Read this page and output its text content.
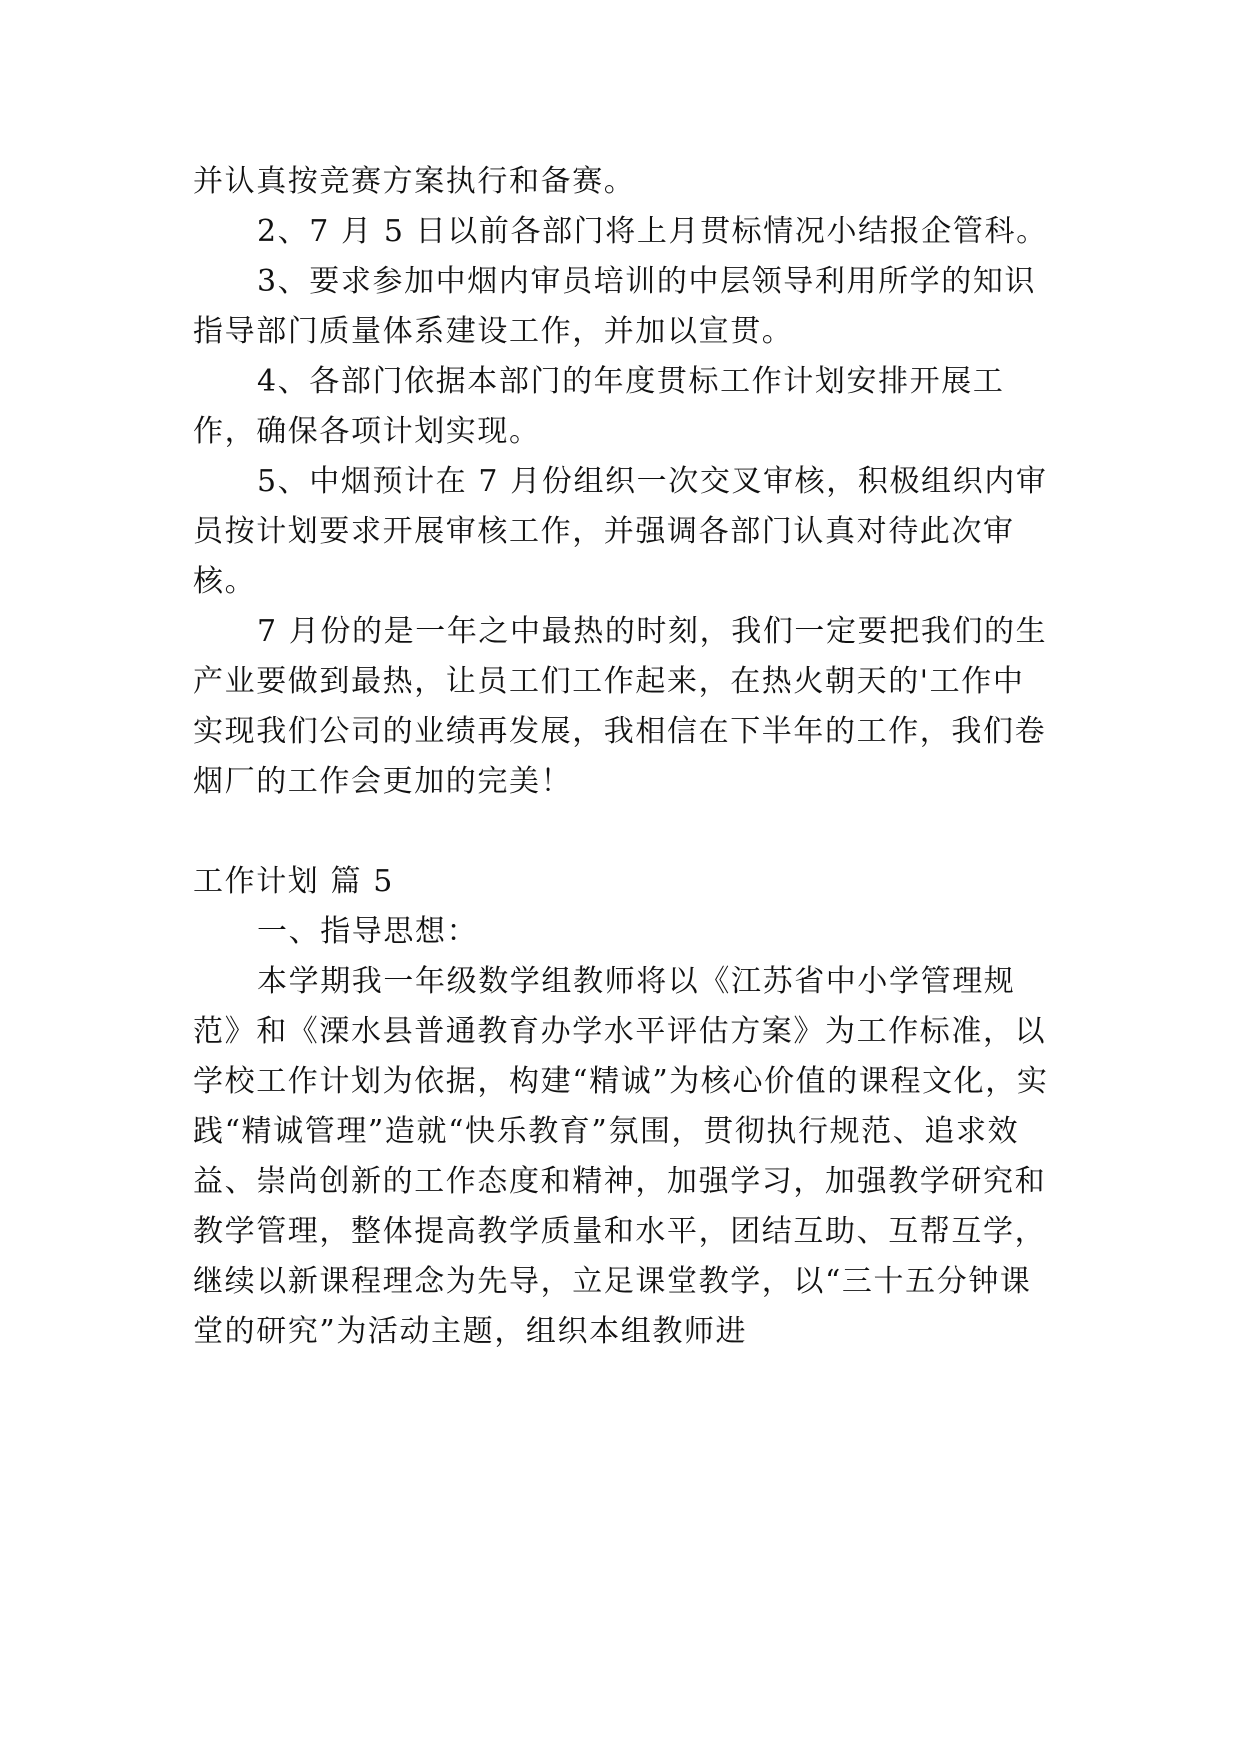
并认真按竞赛方案执行和备赛。

2、7 月 5 日以前各部门将上月贯标情况小结报企管科。

3、要求参加中烟内审员培训的中层领导利用所学的知识指导部门质量体系建设工作，并加以宣贯。

4、各部门依据本部门的年度贯标工作计划安排开展工作，确保各项计划实现。

5、中烟预计在 7 月份组织一次交叉审核，积极组织内审员按计划要求开展审核工作，并强调各部门认真对待此次审核。

7 月份的是一年之中最热的时刻，我们一定要把我们的生产业要做到最热，让员工们工作起来，在热火朝天的'工作中实现我们公司的业绩再发展，我相信在下半年的工作，我们卷烟厂的工作会更加的完美！

工作计划 篇 5

一、指导思想：

本学期我一年级数学组教师将以《江苏省中小学管理规范》和《溧水县普通教育办学水平评估方案》为工作标准，以学校工作计划为依据，构建“精诚”为核心价值的课程文化，实践“精诚管理”造就“快乐教育”氛围，贯彻执行规范、追求效益、崇尚创新的工作态度和精神，加强学习，加强教学研究和教学管理，整体提高教学质量和水平，团结互助、互帮互学，继续以新课程理念为先导，立足课堂教学，以“三十五分钟课堂的研究”为活动主题，组织本组教师进
